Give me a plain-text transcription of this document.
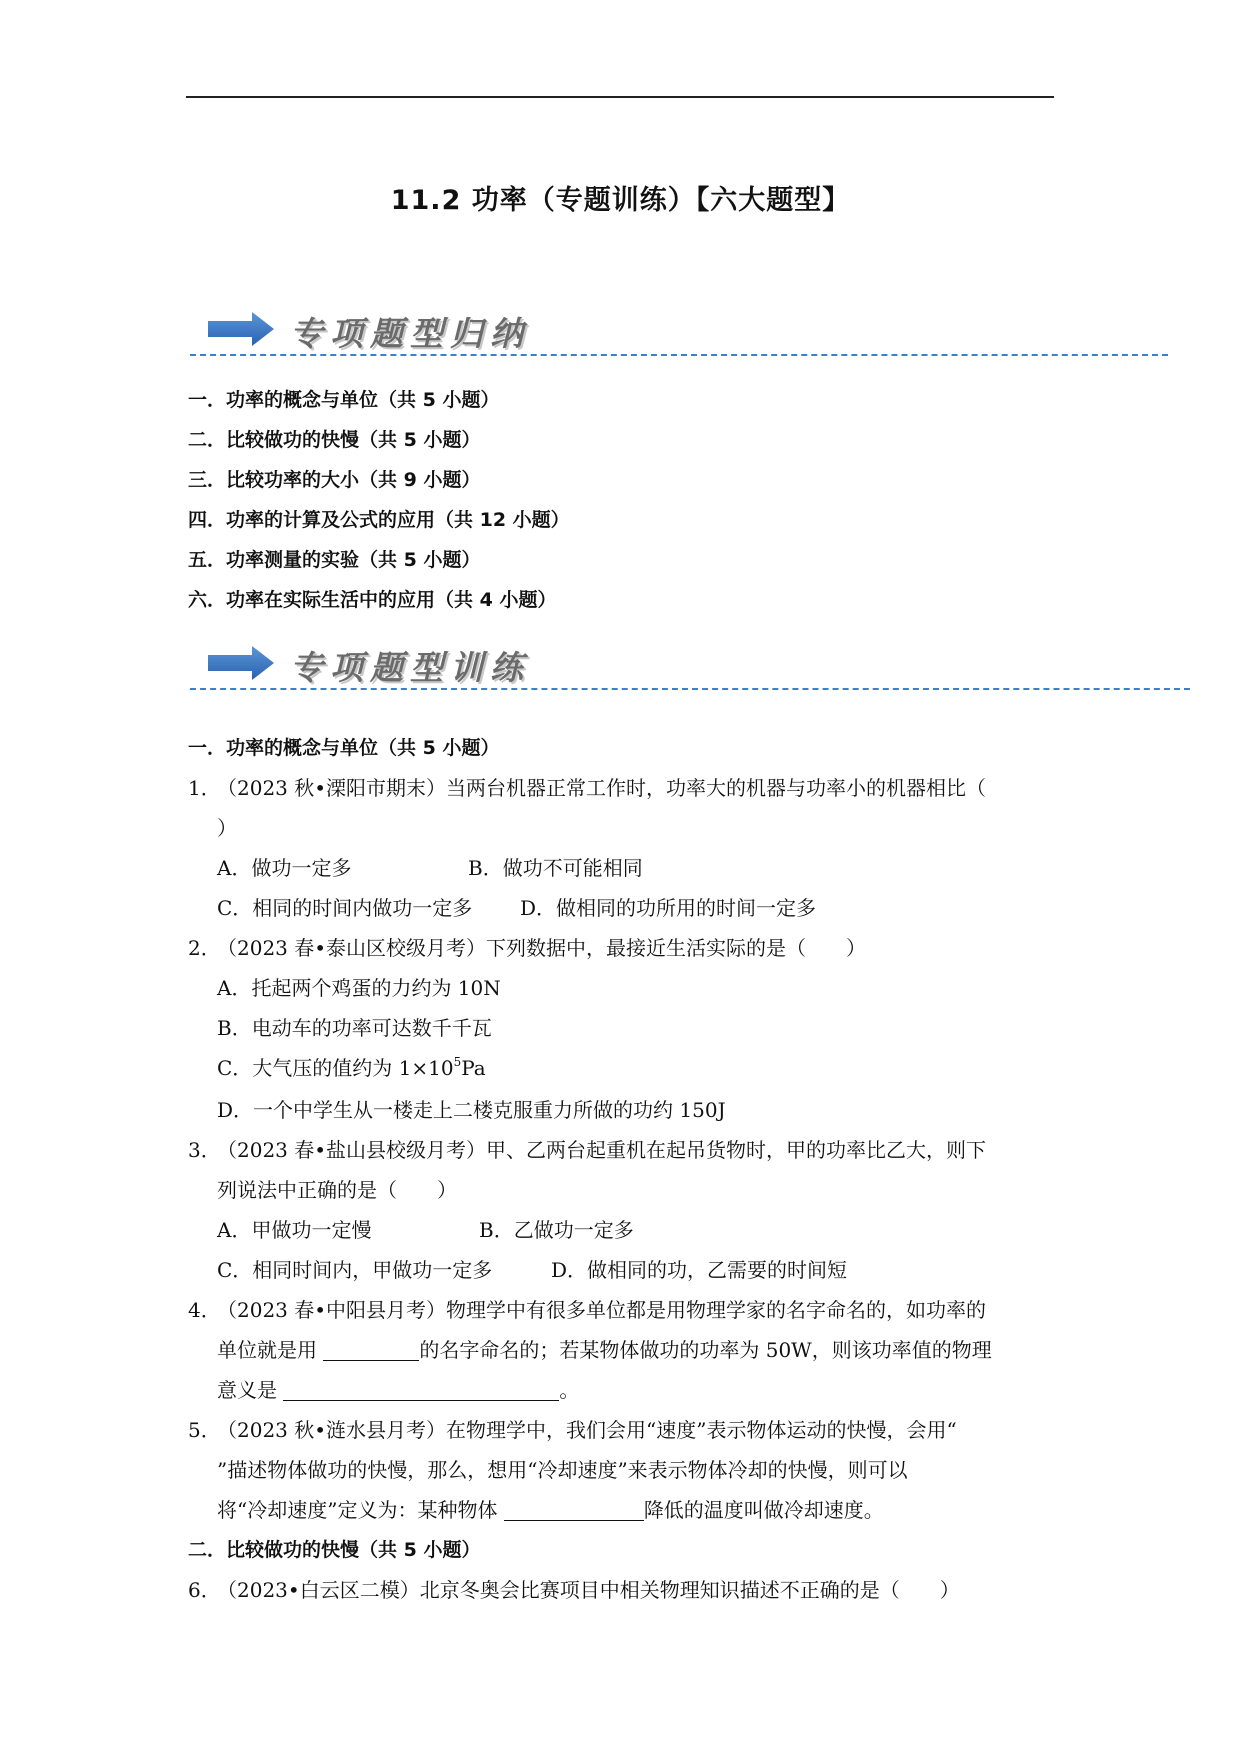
11.2 功率（专题训练）【六大题型】
专项题型归纳
一．功率的概念与单位（共 5 小题）
二．比较做功的快慢（共 5 小题）
三．比较功率的大小（共 9 小题）
四．功率的计算及公式的应用（共 12 小题）
五．功率测量的实验（共 5 小题）
六．功率在实际生活中的应用（共 4 小题）
专项题型训练
一．功率的概念与单位（共 5 小题）
1．（2023 秋•溧阳市期末）当两台机器正常工作时，功率大的机器与功率小的机器相比（
）
A．做功一定多	B．做功不可能相同
C．相同的时间内做功一定多 D．做相同的功所用的时间一定多
2．（2023 春•泰山区校级月考）下列数据中，最接近生活实际的是（　　）
A．托起两个鸡蛋的力约为 10N
B．电动车的功率可达数千千瓦
C．大气压的值约为 $1\times 10^5Pa$
D．一个中学生从一楼走上二楼克服重力所做的功约 150J
3．（2023 春•盐山县校级月考）甲、乙两台起重机在起吊货物时，甲的功率比乙大，则下
列说法中正确的是（　　）
A．甲做功一定慢	B．乙做功一定多
C．相同时间内，甲做功一定多	D．做相同的功，乙需要的时间短
4．（2023 春•中阳县月考）物理学中有很多单位都是用物理学家的名字命名的，如功率的
单位就是用	的名字命名的；若某物体做功的功率为 50W，则该功率值的物理
意义是	。
5．（2023 秋•涟水县月考）在物理学中，我们会用“速度”表示物体运动的快慢，会用“
”描述物体做功的快慢，那么，想用“冷却速度”来表示物体冷却的快慢，则可以
将“冷却速度”定义为：某种物体	降低的温度叫做冷却速度。
二．比较做功的快慢（共 5 小题）
6．（2023•白云区二模）北京冬奥会比赛项目中相关物理知识描述不正确的是（　　）
